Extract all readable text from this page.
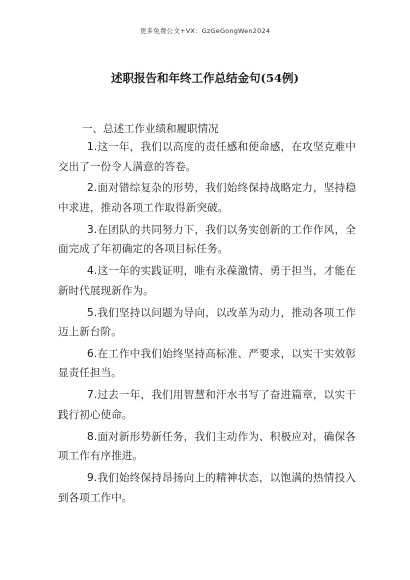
更多免费公文+VX：GzGeGongWen2024
述职报告和年终工作总结金句(54例)
一、总述工作业绩和履职情况

1.这一年，我们以高度的责任感和使命感，在攻坚克难中交出了一份令人满意的答卷。

2.面对错综复杂的形势，我们始终保持战略定力，坚持稳中求进，推动各项工作取得新突破。

3.在团队的共同努力下，我们以务实创新的工作作风，全面完成了年初确定的各项目标任务。

4.这一年的实践证明，唯有永葆激情、勇于担当，才能在新时代展现新作为。

5.我们坚持以问题为导向，以改革为动力，推动各项工作迈上新台阶。

6.在工作中我们始终坚持高标准、严要求，以实干实效彰显责任担当。

7.过去一年，我们用智慧和汗水书写了奋进篇章，以实干践行初心使命。

8.面对新形势新任务，我们主动作为、积极应对，确保各项工作有序推进。

9.我们始终保持昂扬向上的精神状态，以饱满的热情投入到各项工作中。
